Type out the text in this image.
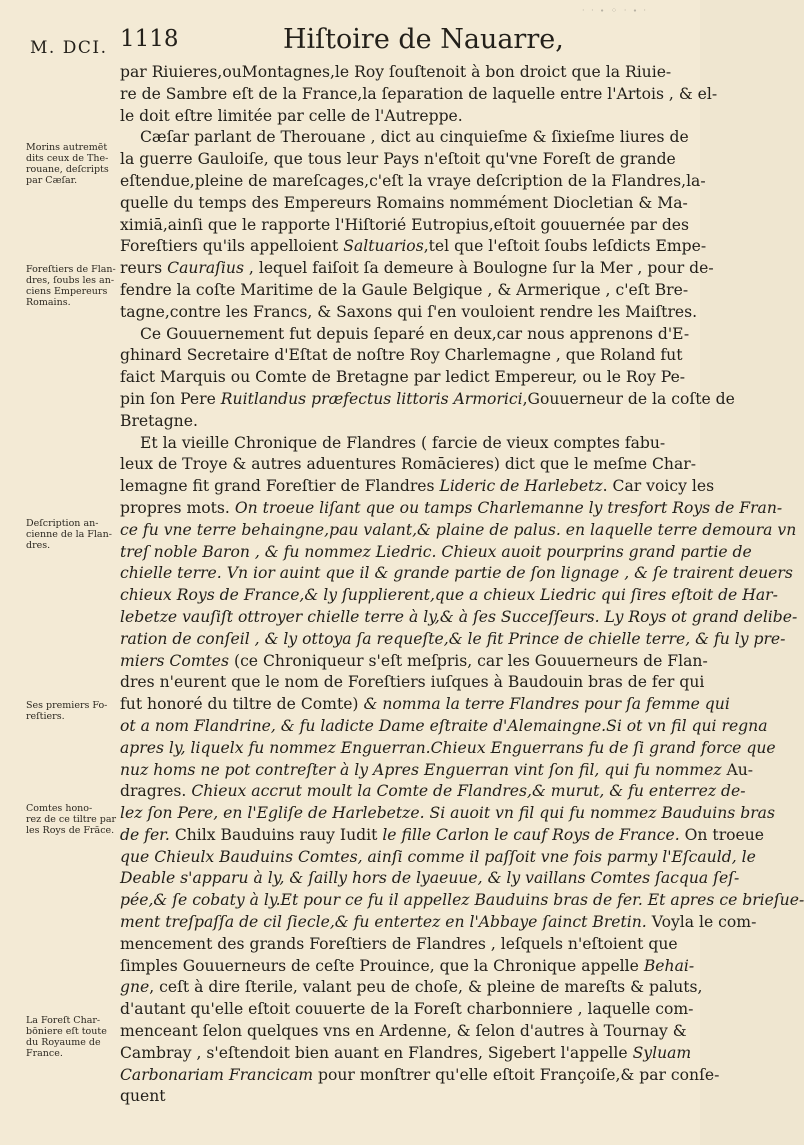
M. DCI. 1118	Hiſtoire de Nauarre,
· · ∙ ⁘ · ∙ ·
par Riuieres,ouMontagnes,le Roy ſouſtenoit à bon droict que la Riuie-
re de Sambre eſt de la France,la ſeparation de laquelle entre l'Artois , & el-
le doit eſtre limitée par celle de l'Autreppe.
Cæſar parlant de Therouane , dict au cinquieſme & ſixieſme liures de
la guerre Gauloiſe, que tous leur Pays n'eſtoit qu'vne Foreſt de grande
eſtendue,pleine de mareſcages,c'eſt la vraye deſcription de la Flandres,la-
quelle du temps des Empereurs Romains nommément Diocletian & Ma-
ximiā,ainſi que le rapporte l'Hiſtorié Eutropius,eſtoit gouuernée par des
Foreſtiers qu'ils appelloient Saltuarios,tel que l'eſtoit ſoubs leſdicts Empe-
reurs Cauraſius , lequel faiſoit ſa demeure à Boulogne ſur la Mer , pour de-
fendre la coſte Maritime de la Gaule Belgique , & Armerique , c'eſt Bre-
tagne,contre les Francs, & Saxons qui ſ'en vouloient rendre les Maiſtres.
Ce Gouuernement fut depuis ſeparé en deux,car nous apprenons d'E-
ghinard Secretaire d'Eſtat de noſtre Roy Charlemagne , que Roland fut
faict Marquis ou Comte de Bretagne par ledict Empereur, ou le Roy Pe-
pin ſon Pere Ruitlandus præfectus littoris Armorici,Gouuerneur de la coſte de
Bretagne.
Et la vieille Chronique de Flandres ( farcie de vieux comptes fabu-
leux de Troye & autres aduentures Romācieres) dict que le meſme Char-
lemagne fit grand Foreſtier de Flandres Lideric de Harlebetz. Car voicy les
propres mots. On troeue liſant que ou tamps Charlemanne ly tresfort Roys de Fran-
ce fu vne terre behaingne,pau valant,& plaine de palus. en laquelle terre demoura vn
treſ noble Baron , & fu nommez Liedric. Chieux auoit pourprins grand partie de
chielle terre. Vn ior auint que il & grande partie de ſon lignage , & ſe trairent deuers
chieux Roys de France,& ly ſupplierent,que a chieux Liedric qui ſires eſtoit de Har-
lebetze vauſiſt ottroyer chielle terre à ly,& à ſes Succeſſeurs. Ly Roys ot grand delibe-
ration de conſeil , & ly ottoya ſa requeſte,& le fit Prince de chielle terre, & fu ly pre-
miers Comtes (ce Chroniqueur s'eſt meſpris, car les Gouuerneurs de Flan-
dres n'eurent que le nom de Foreſtiers iuſques à Baudouin bras de fer qui
fut honoré du tiltre de Comte) & nomma la terre Flandres pour ſa femme qui
ot a nom Flandrine, & fu ladicte Dame eſtraite d'Alemaingne.Si ot vn fil qui regna
apres ly, liquelx fu nommez Enguerran.Chieux Enguerrans fu de ſi grand force que
nuz homs ne pot contreſter à ly Apres Enguerran vint ſon fil, qui fu nommez Au-
dragres. Chieux accrut moult la Comte de Flandres,& murut, & fu enterrez de-
lez ſon Pere, en l'Egliſe de Harlebetze. Si auoit vn fil qui fu nommez Bauduins bras
de fer. Chilx Bauduins rauy Iudit le fille Carlon le cauf Roys de France. On troeue
que Chieulx Bauduins Comtes, ainſi comme il paſſoit vne fois parmy l'Eſcauld, le
Deable s'apparu à ly, & ſailly hors de lyaeuue, & ly vaillans Comtes ſacqua ſeſ-
pée,& ſe cobaty à ly.Et pour ce fu il appellez Bauduins bras de fer. Et apres ce brieſue-
ment treſpaſſa de cil ſiecle,& fu entertez en l'Abbaye ſainct Bretin. Voyla le com-
mencement des grands Foreſtiers de Flandres , leſquels n'eſtoient que
ſimples Gouuerneurs de ceſte Prouince, que la Chronique appelle Behai-
gne, ceſt à dire ſterile, valant peu de choſe, & pleine de mareſts & paluts,
d'autant qu'elle eſtoit couuerte de la Foreſt charbonniere , laquelle com-
menceant ſelon quelques vns en Ardenne, & ſelon d'autres à Tournay &
Cambray , s'eſtendoit bien auant en Flandres, Sigebert l'appelle Syluam
Carbonariam Francicam pour monſtrer qu'elle eſtoit Françoiſe,& par conſe-
quent
Morins autremēt
dits ceux de The-
rouane, deſcripts
par Cæſar.
Foreſtiers de Flan-
dres, ſoubs les an-
ciens Empereurs
Romains.
Deſcription an-
cienne de la Flan-
dres.
Ses premiers Fo-
reſtiers.
Comtes hono-
rez de ce tiltre par
les Roys de Frāce.
La Foreſt Char-
bōniere eſt toute
du Royaume de
France.
